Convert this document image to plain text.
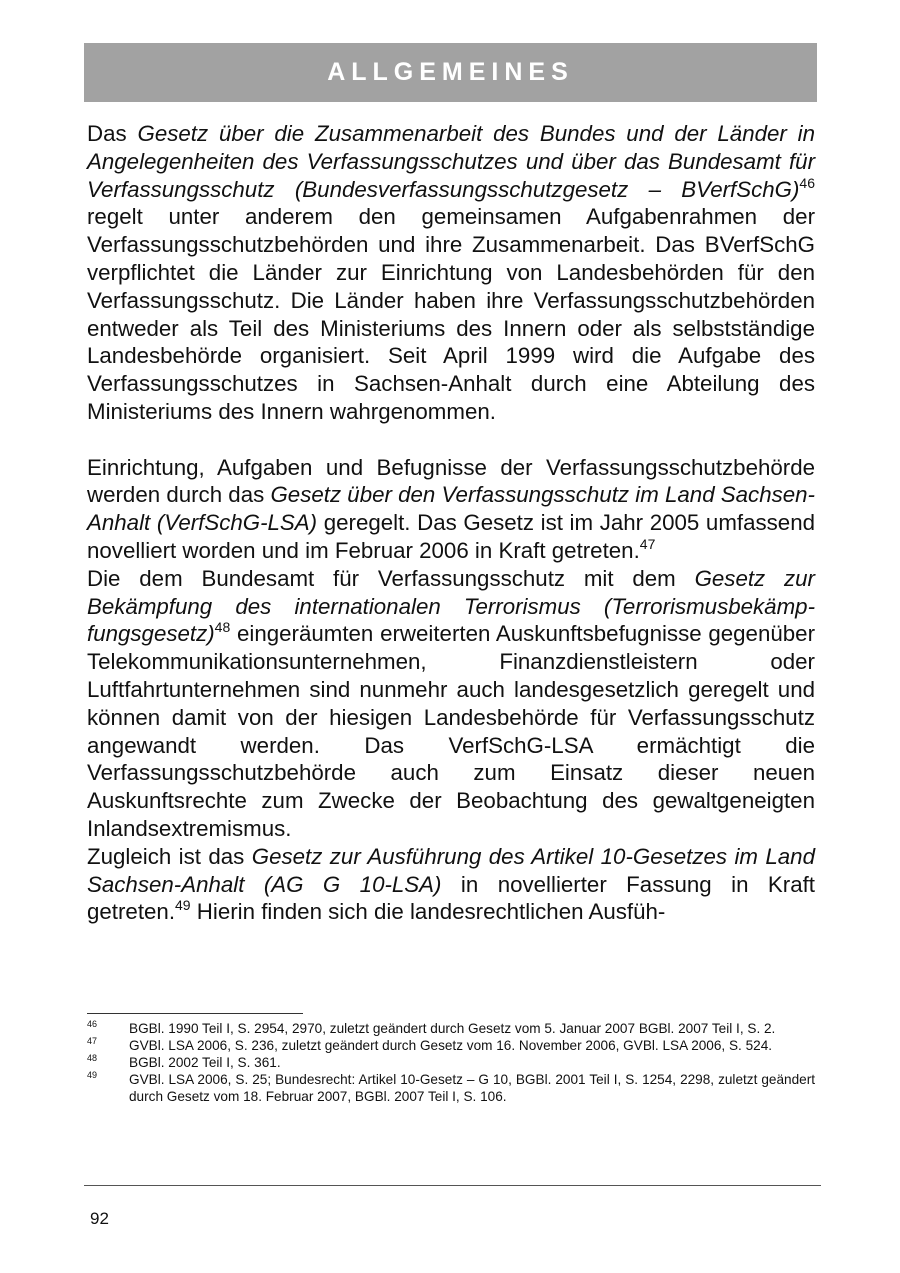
ALLGEMEINES

Das Gesetz über die Zusammenarbeit des Bundes und der Länder in Angelegenheiten des Verfassungsschutzes und über das Bundesamt für Verfassungsschutz (Bundesverfassungsschutzgesetz – BVerfSchG)$^{46}$ regelt unter anderem den gemeinsamen Aufgabenrahmen der Verfassungsschutzbehörden und ihre Zusammenarbeit. Das BVerfSchG verpflichtet die Länder zur Einrichtung von Landesbehörden für den Verfassungsschutz. Die Länder haben ihre Verfassungsschutzbehörden entweder als Teil des Ministeriums des Innern oder als selbstständige Landesbehörde organisiert. Seit April 1999 wird die Aufgabe des Verfassungsschutzes in Sachsen-Anhalt durch eine Abteilung des Ministeriums des Innern wahrgenommen.

Einrichtung, Aufgaben und Befugnisse der Verfassungsschutzbehörde werden durch das Gesetz über den Verfassungsschutz im Land Sachsen-Anhalt (VerfSchG-LSA) geregelt. Das Gesetz ist im Jahr 2005 umfassend novelliert worden und im Februar 2006 in Kraft getreten.$^{47}$

Die dem Bundesamt für Verfassungsschutz mit dem Gesetz zur Bekämpfung des internationalen Terrorismus (Terrorismusbekämpfungsgesetz)$^{48}$ eingeräumten erweiterten Auskunftsbefugnisse gegenüber Telekommunikationsunternehmen, Finanzdienstleistern oder Luftfahrtunternehmen sind nunmehr auch landesgesetzlich geregelt und können damit von der hiesigen Landesbehörde für Verfassungsschutz angewandt werden. Das VerfSchG-LSA ermächtigt die Verfassungsschutzbehörde auch zum Einsatz dieser neuen Auskunftsrechte zum Zwecke der Beobachtung des gewaltgeneigten Inlandsextremismus.

Zugleich ist das Gesetz zur Ausführung des Artikel 10-Gesetzes im Land Sachsen-Anhalt (AG G 10-LSA) in novellierter Fassung in Kraft getreten.$^{49}$ Hierin finden sich die landesrechtlichen Ausfüh-

46 BGBl. 1990 Teil I, S. 2954, 2970, zuletzt geändert durch Gesetz vom 5. Januar 2007 BGBl. 2007 Teil I, S. 2.
47 GVBl. LSA 2006, S. 236, zuletzt geändert durch Gesetz vom 16. November 2006, GVBl. LSA 2006, S. 524.
48 BGBl. 2002 Teil I, S. 361.
49 GVBl. LSA 2006, S. 25; Bundesrecht: Artikel 10-Gesetz – G 10, BGBl. 2001 Teil I, S. 1254, 2298, zuletzt geändert durch Gesetz vom 18. Februar 2007, BGBl. 2007 Teil I, S. 106.
92
